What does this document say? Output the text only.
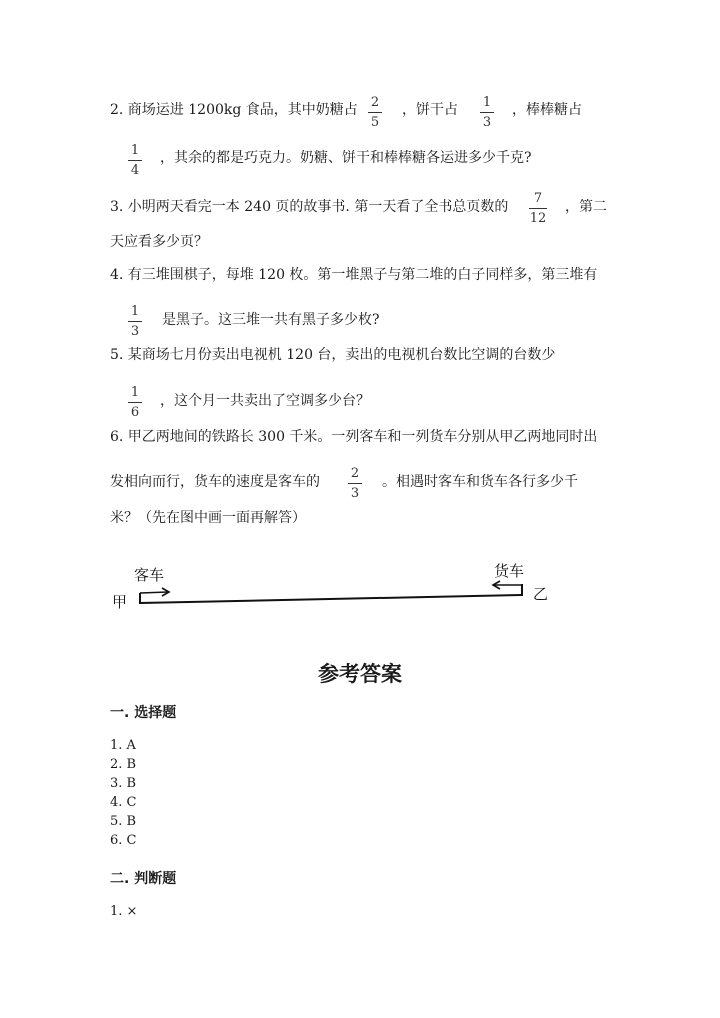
2. 商场运进 1200kg 食品，其中奶糖占 2
5
，饼干占 1
3
，棒棒糖占
1
4
，其余的都是巧克力。奶糖、饼干和棒棒糖各运进多少千克?
3. 小明两天看完一本 240 页的故事书. 第一天看了全书总页数的
7
12
，第二
天应看多少页？
4. 有三堆围棋子，每堆 120 枚。第一堆黑子与第二堆的白子同样多，第三堆有
1
3
是黑子。这三堆一共有黑子多少枚?
5. 某商场七月份卖出电视机 120 台，卖出的电视机台数比空调的台数少
1
6
，这个月一共卖出了空调多少台？
6. 甲乙两地间的铁路长 300 千米。一列客车和一列货车分别从甲乙两地同时出
发相向而行，货车的速度是客车的
2
3
。相遇时客车和货车各行多少千
米？（先在图中画一面再解答）
甲
客车	货车
乙
参考答案
一. 选择题
1. A
2. B
3. B
4. C
5. B
6. C
二. 判断题
1. ×
